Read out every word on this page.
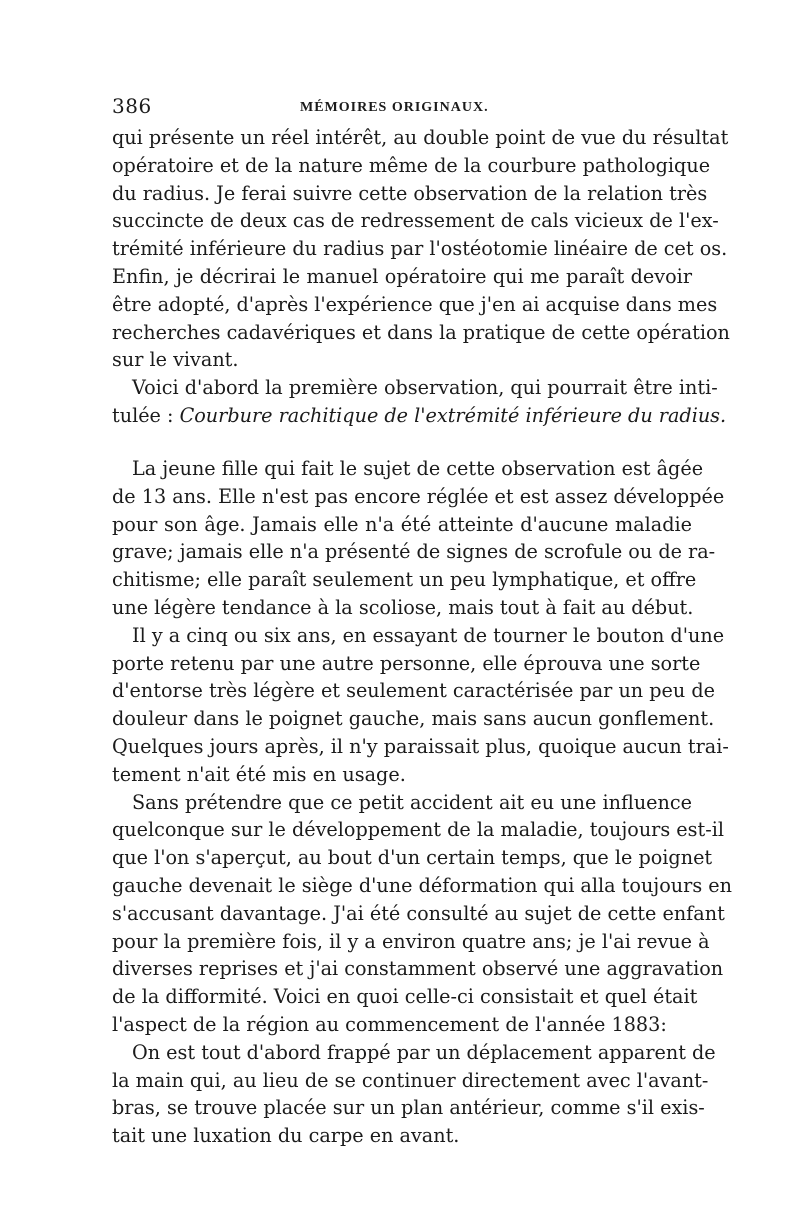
386	MÉMOIRES ORIGINAUX.
qui présente un réel intérêt, au double point de vue du résultat
opératoire et de la nature même de la courbure pathologique
du radius. Je ferai suivre cette observation de la relation très
succincte de deux cas de redressement de cals vicieux de l'ex-
trémité inférieure du radius par l'ostéotomie linéaire de cet os.
Enfin, je décrirai le manuel opératoire qui me paraît devoir
être adopté, d'après l'expérience que j'en ai acquise dans mes
recherches cadavériques et dans la pratique de cette opération
sur le vivant.
Voici d'abord la première observation, qui pourrait être inti-
tulée : Courbure rachitique de l'extrémité inférieure du radius.
La jeune fille qui fait le sujet de cette observation est âgée
de 13 ans. Elle n'est pas encore réglée et est assez développée
pour son âge. Jamais elle n'a été atteinte d'aucune maladie
grave; jamais elle n'a présenté de signes de scrofule ou de ra-
chitisme; elle paraît seulement un peu lymphatique, et offre
une légère tendance à la scoliose, mais tout à fait au début.
Il y a cinq ou six ans, en essayant de tourner le bouton d'une
porte retenu par une autre personne, elle éprouva une sorte
d'entorse très légère et seulement caractérisée par un peu de
douleur dans le poignet gauche, mais sans aucun gonflement.
Quelques jours après, il n'y paraissait plus, quoique aucun trai-
tement n'ait été mis en usage.
Sans prétendre que ce petit accident ait eu une influence
quelconque sur le développement de la maladie, toujours est-il
que l'on s'aperçut, au bout d'un certain temps, que le poignet
gauche devenait le siège d'une déformation qui alla toujours en
s'accusant davantage. J'ai été consulté au sujet de cette enfant
pour la première fois, il y a environ quatre ans; je l'ai revue à
diverses reprises et j'ai constamment observé une aggravation
de la difformité. Voici en quoi celle-ci consistait et quel était
l'aspect de la région au commencement de l'année 1883:
On est tout d'abord frappé par un déplacement apparent de
la main qui, au lieu de se continuer directement avec l'avant-
bras, se trouve placée sur un plan antérieur, comme s'il exis-
tait une luxation du carpe en avant.
